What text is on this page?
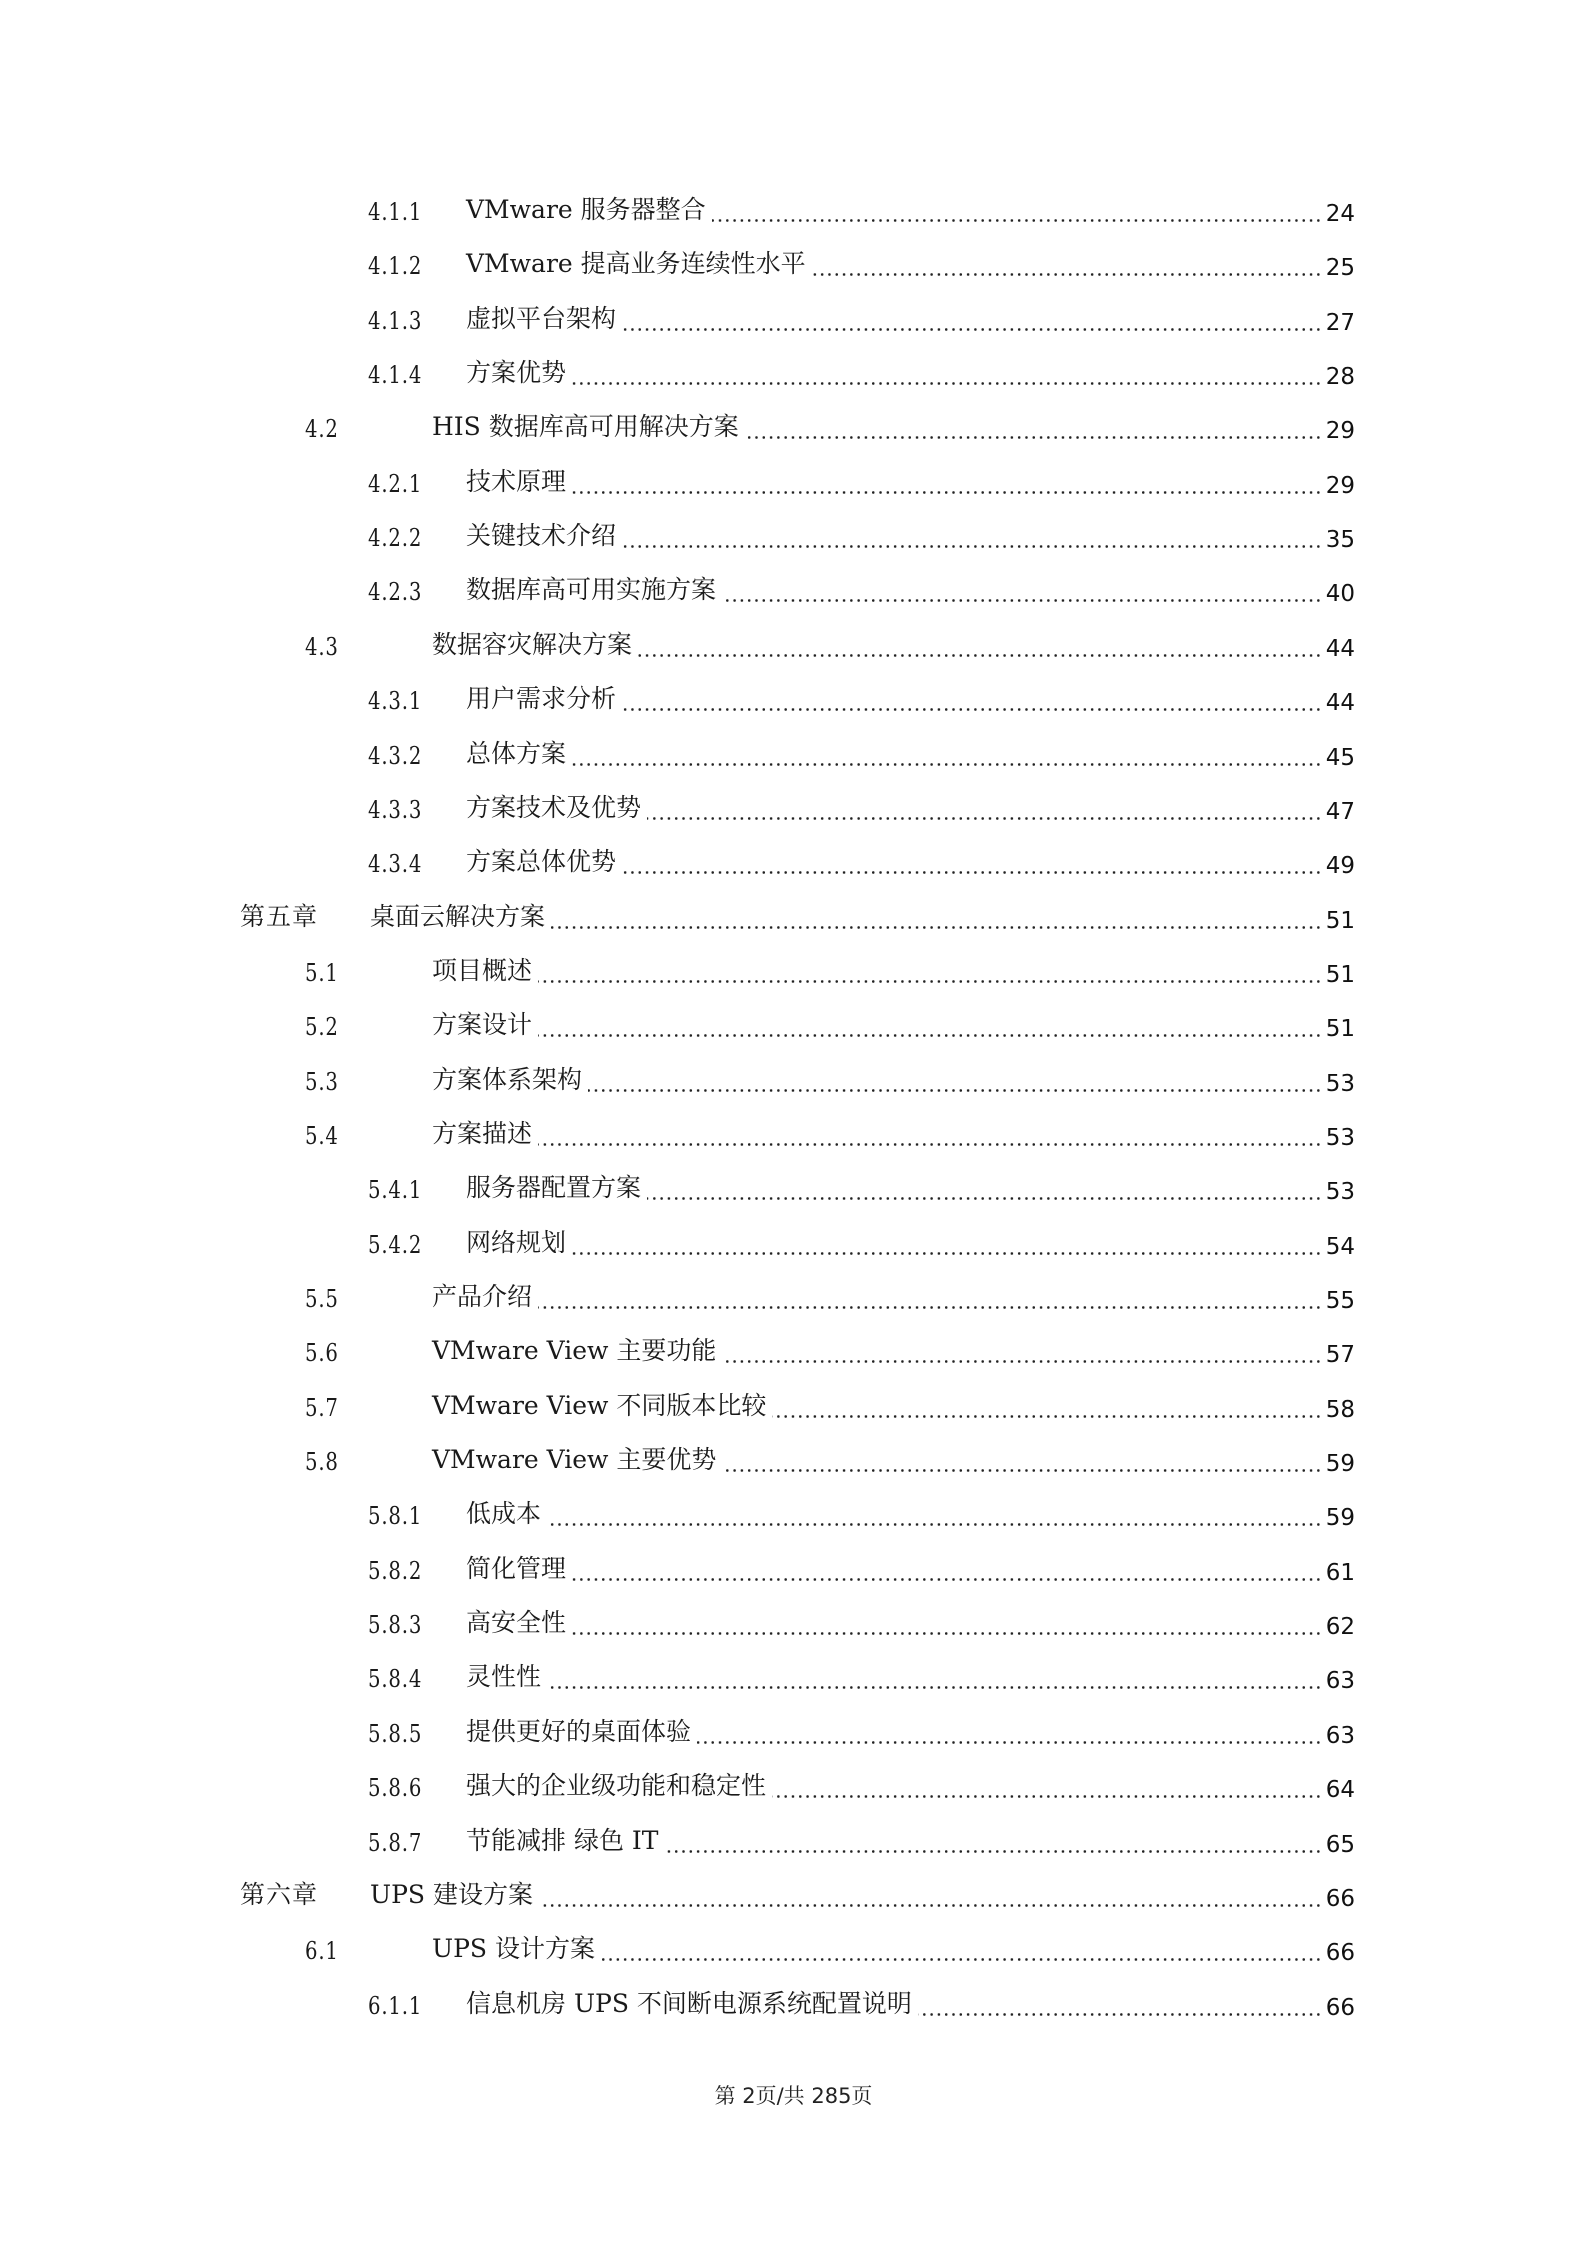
4.1.1 VMware 服务器整合	24
4.1.2 VMware 提高业务连续性水平	25
4.1.3 虚拟平台架构	27
4.1.4 方案优势	28
4.2	HIS 数据库高可用解决方案	29
4.2.1 技术原理	29
4.2.2 关键技术介绍	35
4.2.3 数据库高可用实施方案	40
4.3	数据容灾解决方案	44
4.3.1 用户需求分析	44
4.3.2 总体方案	45
4.3.3 方案技术及优势	47
4.3.4 方案总体优势	49
第五章 桌面云解决方案	51
5.1	项目概述	51
5.2	方案设计	51
5.3	方案体系架构	53
5.4	方案描述	53
5.4.1 服务器配置方案	53
5.4.2 网络规划	54
5.5	产品介绍	55
5.6	VMware View 主要功能	57
5.7	VMware View 不同版本比较	58
5.8	VMware View 主要优势	59
5.8.1 低成本	59
5.8.2 简化管理	61
5.8.3 高安全性	62
5.8.4 灵性性	63
5.8.5 提供更好的桌面体验	63
5.8.6 强大的企业级功能和稳定性	64
5.8.7 节能减排 绿色 IT	65
第六章 UPS 建设方案	66
6.1	UPS 设计方案	66
6.1.1 信息机房 UPS 不间断电源系统配置说明	66
第 2页/共 285页
